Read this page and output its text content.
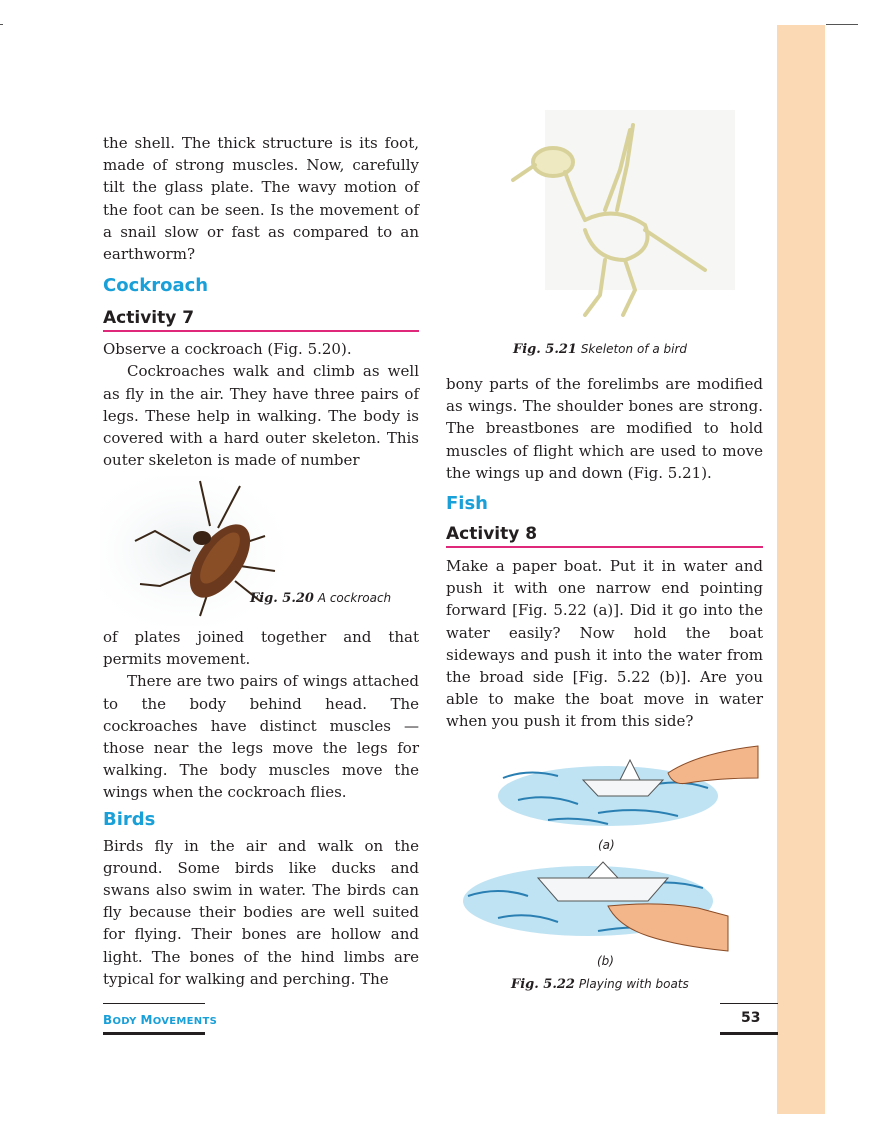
the shell. The thick structure is its foot, made of strong muscles. Now, carefully tilt the glass plate. The wavy motion of the foot can be seen. Is the movement of a snail slow or fast as compared to an earthworm?

Cockroach
Activity 7

Observe a cockroach (Fig. 5.20).

Cockroaches walk and climb as well as fly in the air. They have three pairs of legs. These help in walking. The body is covered with a hard outer skeleton. This outer skeleton is made of number

Fig. 5.20 A cockroach

of plates joined together and that permits movement.

There are two pairs of wings attached to the body behind head. The cockroaches have distinct muscles — those near the legs move the legs for walking. The body muscles move the wings when the cockroach flies.

Birds

Birds fly in the air and walk on the ground. Some birds like ducks and swans also swim in water. The birds can fly because their bodies are well suited for flying. Their bones are hollow and light. The bones of the hind limbs are typical for walking and perching. The

Fig. 5.21 Skeleton of a bird

bony parts of the forelimbs are modified as wings. The shoulder bones are strong. The breastbones are modified to hold muscles of flight which are used to move the wings up and down (Fig. 5.21).

Fish
Activity 8

Make a paper boat. Put it in water and push it with one narrow end pointing forward [Fig. 5.22 (a)]. Did it go into the water easily? Now hold the boat sideways and push it into the water from the broad side [Fig. 5.22 (b)]. Are you able to make the boat move in water when you push it from this side?

(a)
(b)
Fig. 5.22 Playing with boats
BODY MOVEMENTS	53
